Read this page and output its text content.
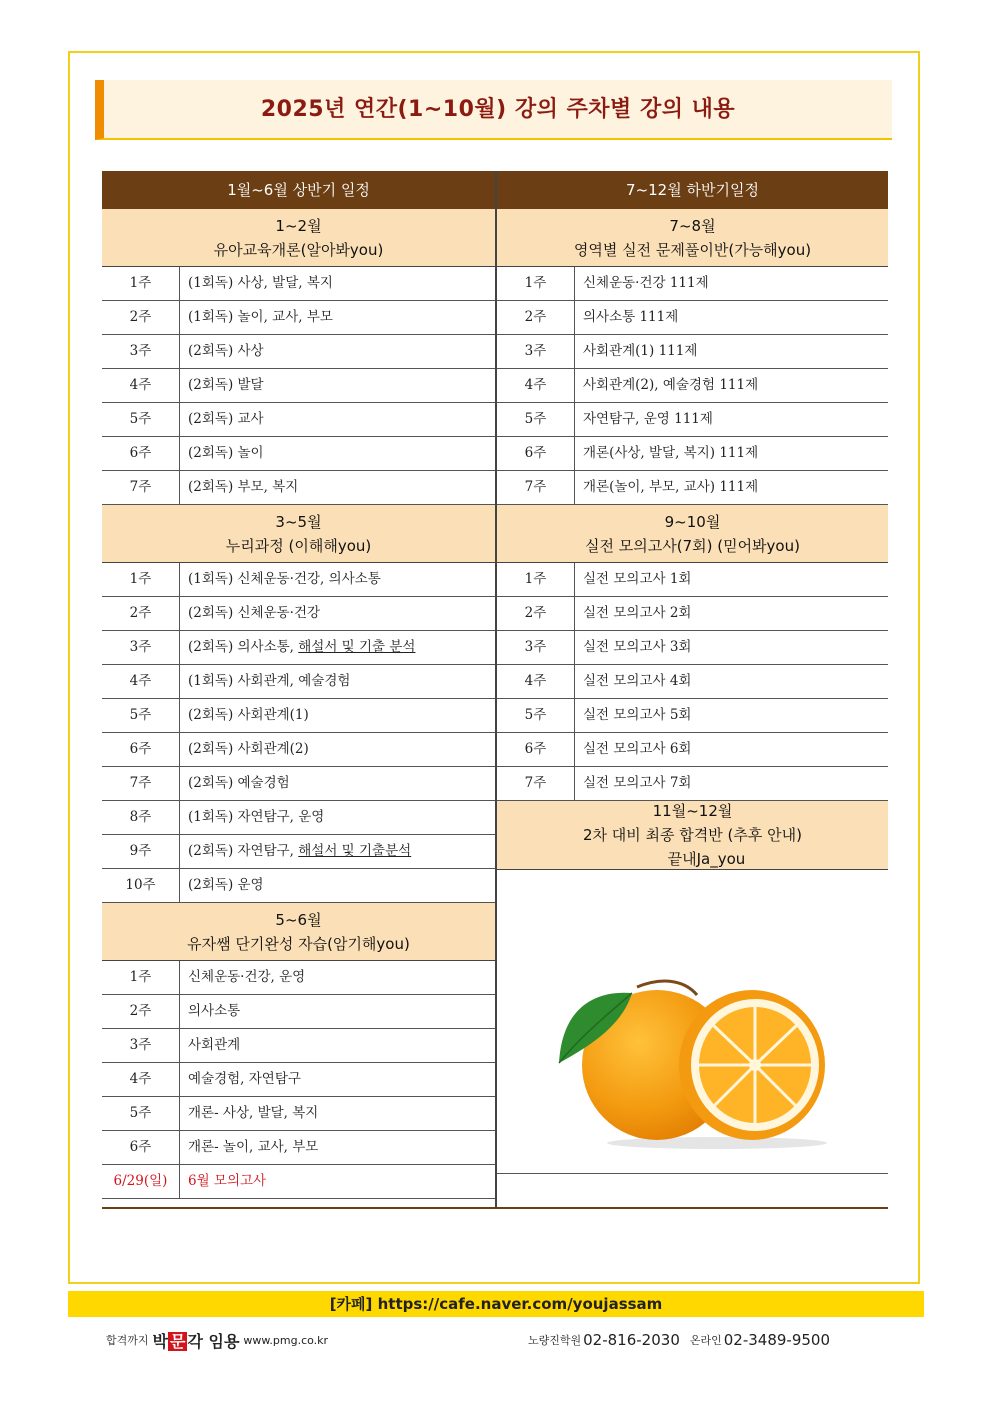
2025년 연간(1~10월) 강의 주차별 강의 내용
1월~6월 상반기 일정
1~2월
유아교육개론(알아봐you)
1주	(1회독) 사상, 발달, 복지
2주	(1회독) 놀이, 교사, 부모
3주	(2회독) 사상
4주	(2회독) 발달
5주	(2회독) 교사
6주	(2회독) 놀이
7주	(2회독) 부모, 복지
3~5월
누리과정 (이해해you)
1주	(1회독) 신체운동·건강, 의사소통
2주	(2회독) 신체운동·건강
3주	(2회독) 의사소통, 해설서 및 기출 분석
4주	(1회독) 사회관계, 예술경험
5주	(2회독) 사회관계(1)
6주	(2회독) 사회관계(2)
7주	(2회독) 예술경험
8주	(1회독) 자연탐구, 운영
9주	(2회독) 자연탐구, 해설서 및 기출분석
10주	(2회독) 운영
5~6월
유자쌤 단기완성 자습(암기해you)
1주	신체운동·건강, 운영
2주	의사소통
3주	사회관계
4주	예술경험, 자연탐구
5주	개론- 사상, 발달, 복지
6주	개론- 놀이, 교사, 부모
6/29(일)	6월 모의고사
7~12월 하반기일정
7~8월
영역별 실전 문제풀이반(가능해you)
1주	신체운동·건강 111제
2주	의사소통 111제
3주	사회관계(1) 111제
4주	사회관계(2), 예술경험 111제
5주	자연탐구, 운영 111제
6주	개론(사상, 발달, 복지) 111제
7주	개론(놀이, 부모, 교사) 111제
9~10월
실전 모의고사(7회) (믿어봐you)
1주	실전 모의고사 1회
2주	실전 모의고사 2회
3주	실전 모의고사 3회
4주	실전 모의고사 4회
5주	실전 모의고사 5회
6주	실전 모의고사 6회
7주	실전 모의고사 7회
11월~12월
2차 대비 최종 합격반 (추후 안내)
끝내Ja_you
[카페] https://cafe.naver.com/youjassam
합격까지 박 문 각 임용 www.pmg.co.kr	노량진학원 02-816-2030 온라인 02-3489-9500
